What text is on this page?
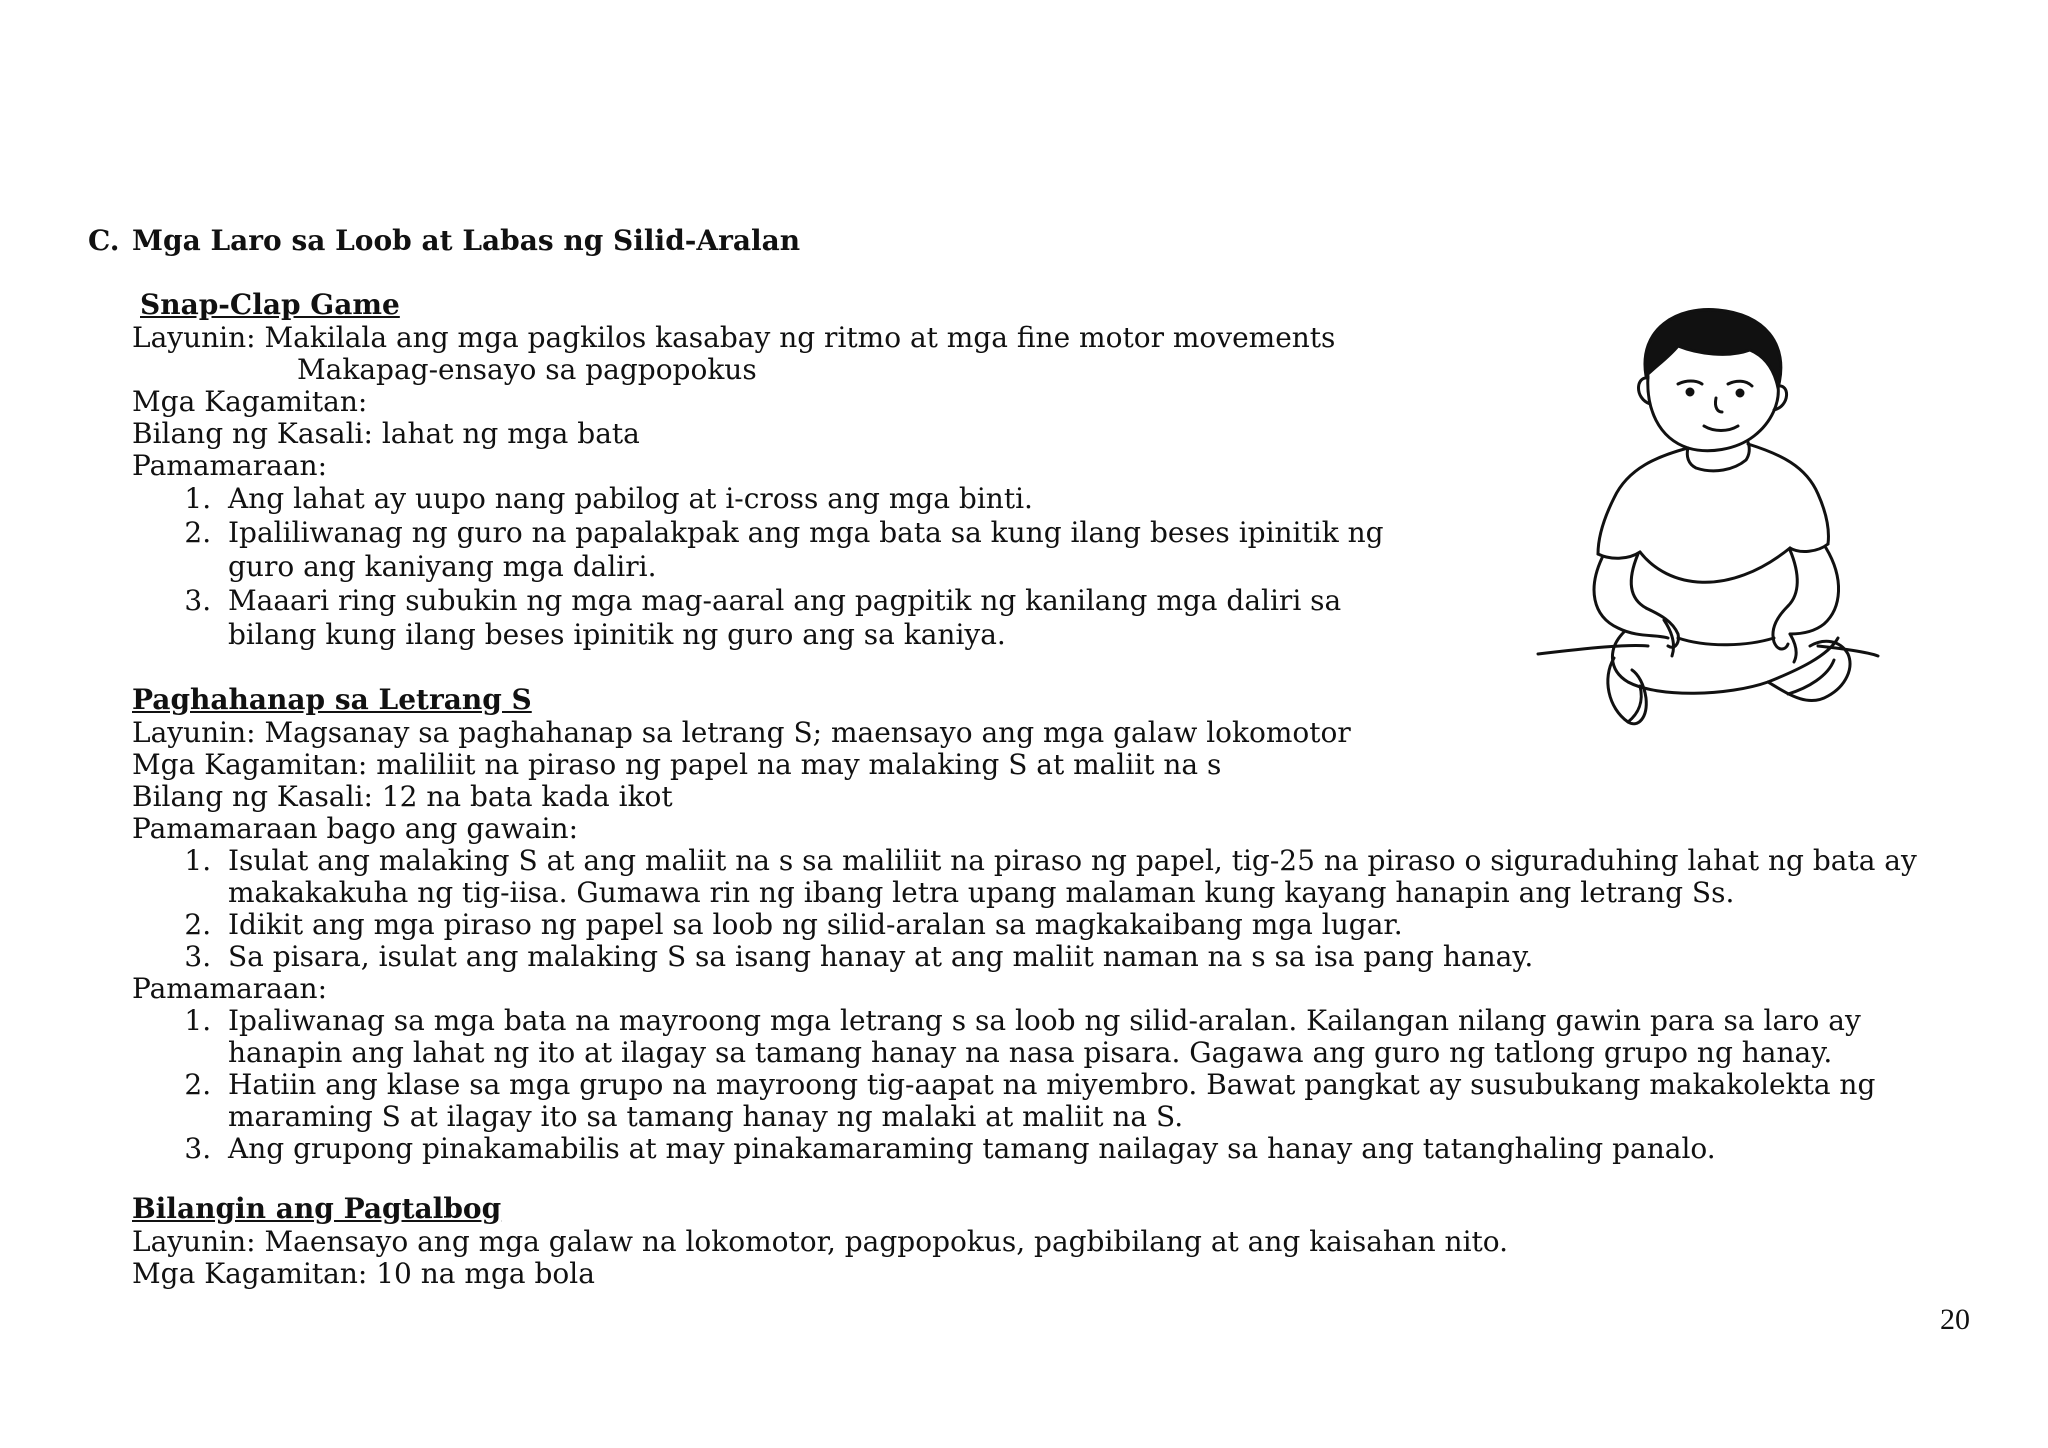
C. Mga Laro sa Loob at Labas ng Silid-Aralan
Snap-Clap Game
Layunin: Makilala ang mga pagkilos kasabay ng ritmo at mga fine motor movements
Makapag-ensayo sa pagpopokus
Mga Kagamitan:
Bilang ng Kasali: lahat ng mga bata
Pamamaraan:
1. Ang lahat ay uupo nang pabilog at i-cross ang mga binti.
2. Ipaliliwanag ng guro na papalakpak ang mga bata sa kung ilang beses ipinitik ng guro ang kaniyang mga daliri.
3. Maaari ring subukin ng mga mag-aaral ang pagpitik ng kanilang mga daliri sa bilang kung ilang beses ipinitik ng guro ang sa kaniya.
Paghahanap sa Letrang S
Layunin: Magsanay sa paghahanap sa letrang S; maensayo ang mga galaw lokomotor
Mga Kagamitan: maliliit na piraso ng papel na may malaking S at maliit na s
Bilang ng Kasali: 12 na bata kada ikot
Pamamaraan bago ang gawain:
1. Isulat ang malaking S at ang maliit na s sa maliliit na piraso ng papel, tig-25 na piraso o siguraduhing lahat ng bata ay makakakuha ng tig-iisa. Gumawa rin ng ibang letra upang malaman kung kayang hanapin ang letrang Ss.
2. Idikit ang mga piraso ng papel sa loob ng silid-aralan sa magkakaibang mga lugar.
3. Sa pisara, isulat ang malaking S sa isang hanay at ang maliit naman na s sa isa pang hanay.
Pamamaraan:
1. Ipaliwanag sa mga bata na mayroong mga letrang s sa loob ng silid-aralan. Kailangan nilang gawin para sa laro ay hanapin ang lahat ng ito at ilagay sa tamang hanay na nasa pisara. Gagawa ang guro ng tatlong grupo ng hanay.
2. Hatiin ang klase sa mga grupo na mayroong tig-aapat na miyembro. Bawat pangkat ay susubukang makakolekta ng maraming S at ilagay ito sa tamang hanay ng malaki at maliit na S.
3. Ang grupong pinakamabilis at may pinakamaraming tamang nailagay sa hanay ang tatanghaling panalo.
Bilangin ang Pagtalbog
Layunin: Maensayo ang mga galaw na lokomotor, pagpopokus, pagbibilang at ang kaisahan nito.
Mga Kagamitan: 10 na mga bola
20
